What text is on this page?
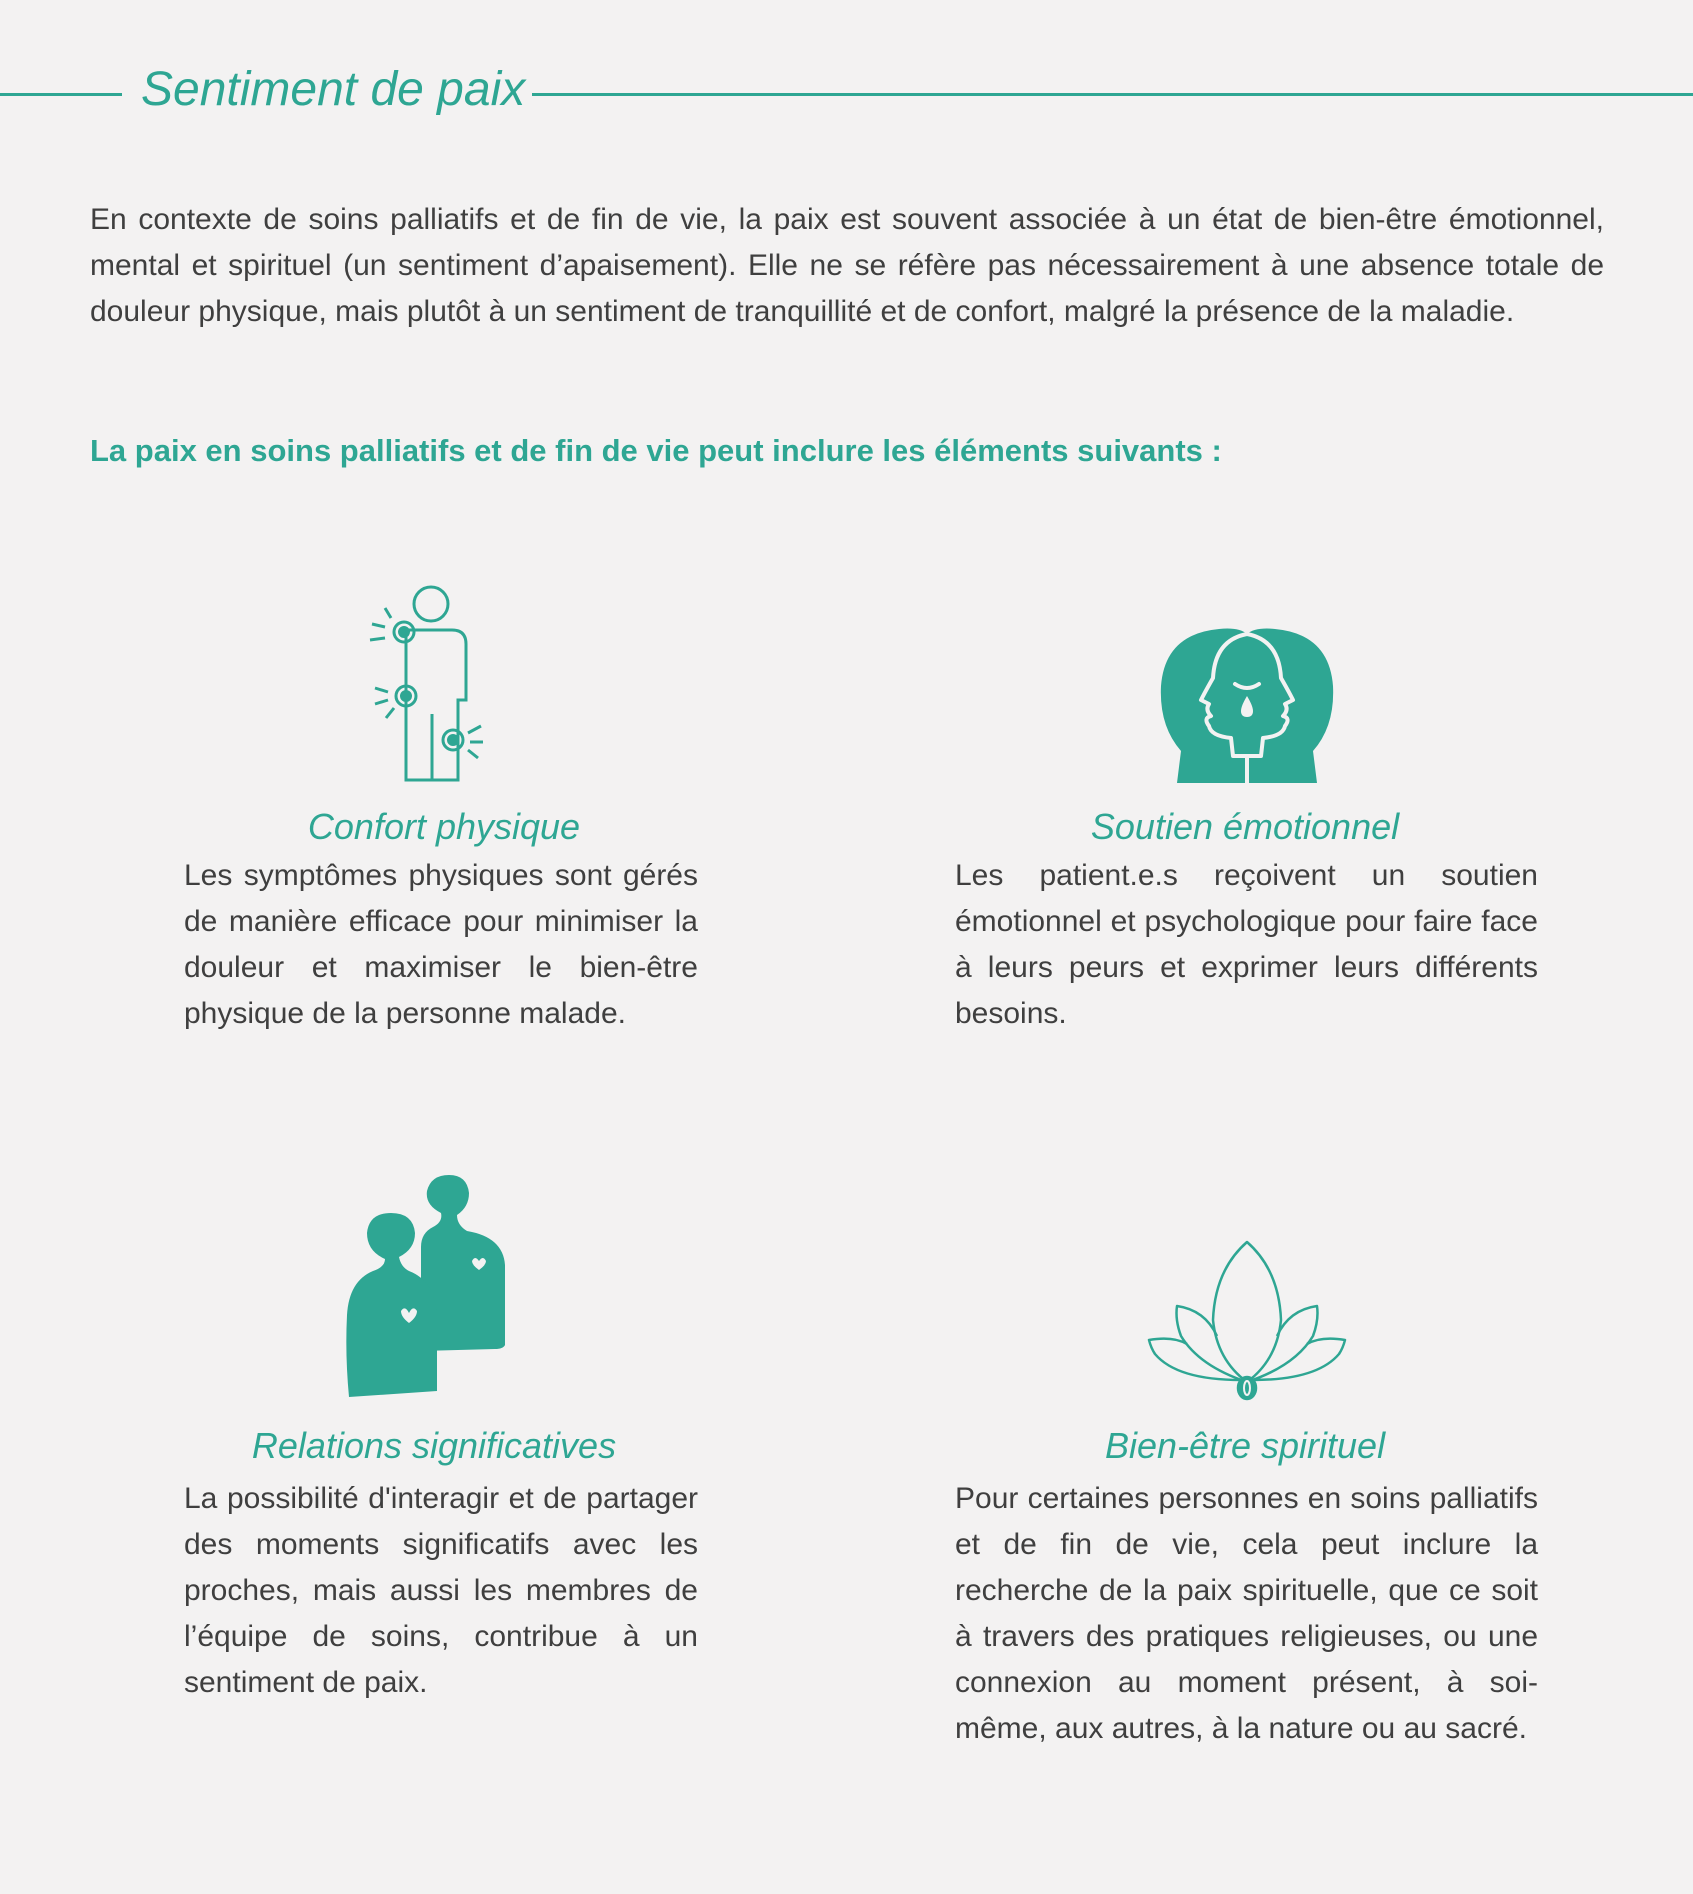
Sentiment de paix
En contexte de soins palliatifs et de fin de vie, la paix est souvent associée à un état de bien-être émotionnel, mental et spirituel (un sentiment d’apaisement). Elle ne se réfère pas nécessairement à une absence totale de douleur physique, mais plutôt à un sentiment de tranquillité et de confort, malgré la présence de la maladie.
La paix en soins palliatifs et de fin de vie peut inclure les éléments suivants :
Confort physique
Les symptômes physiques sont gérés de manière efficace pour minimiser la douleur et maximiser le bien-être physique de la personne malade.
Soutien émotionnel
Les patient.e.s reçoivent un soutien émotionnel et psychologique pour faire face à leurs peurs et exprimer leurs différents besoins.
Relations significatives
La possibilité d'interagir et de partager des moments significatifs avec les proches, mais aussi les membres de l’équipe de soins, contribue à un sentiment de paix.
Bien-être spirituel
Pour certaines personnes en soins palliatifs et de fin de vie, cela peut inclure la recherche de la paix spirituelle, que ce soit à travers des pratiques religieuses, ou une connexion au moment présent, à soi-même, aux autres, à la nature ou au sacré.
